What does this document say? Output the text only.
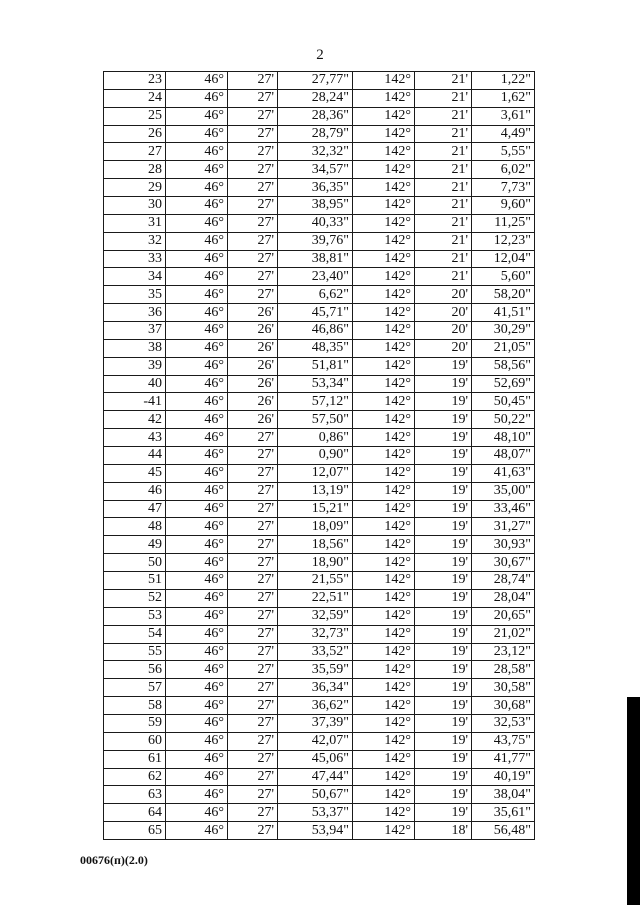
2
23	46°	27'	27,77"	142°	21'	1,22"
24	46°	27'	28,24"	142°	21'	1,62"
25	46°	27'	28,36"	142°	21'	3,61"
26	46°	27'	28,79"	142°	21'	4,49"
27	46°	27'	32,32"	142°	21'	5,55"
28	46°	27'	34,57"	142°	21'	6,02"
29	46°	27'	36,35"	142°	21'	7,73"
30	46°	27'	38,95"	142°	21'	9,60"
31	46°	27'	40,33"	142°	21'	11,25"
32	46°	27'	39,76"	142°	21'	12,23"
33	46°	27'	38,81"	142°	21'	12,04"
34	46°	27'	23,40"	142°	21'	5,60"
35	46°	27'	6,62"	142°	20'	58,20"
36	46°	26'	45,71"	142°	20'	41,51"
37	46°	26'	46,86"	142°	20'	30,29"
38	46°	26'	48,35"	142°	20'	21,05"
39	46°	26'	51,81"	142°	19'	58,56"
40	46°	26'	53,34"	142°	19'	52,69"
-41	46°	26'	57,12"	142°	19'	50,45"
42	46°	26'	57,50"	142°	19'	50,22"
43	46°	27'	0,86"	142°	19'	48,10"
44	46°	27'	0,90"	142°	19'	48,07"
45	46°	27'	12,07"	142°	19'	41,63"
46	46°	27'	13,19"	142°	19'	35,00"
47	46°	27'	15,21"	142°	19'	33,46"
48	46°	27'	18,09"	142°	19'	31,27"
49	46°	27'	18,56"	142°	19'	30,93"
50	46°	27'	18,90"	142°	19'	30,67"
51	46°	27'	21,55"	142°	19'	28,74"
52	46°	27'	22,51"	142°	19'	28,04"
53	46°	27'	32,59"	142°	19'	20,65"
54	46°	27'	32,73"	142°	19'	21,02"
55	46°	27'	33,52"	142°	19'	23,12"
56	46°	27'	35,59"	142°	19'	28,58"
57	46°	27'	36,34"	142°	19'	30,58"
58	46°	27'	36,62"	142°	19'	30,68"
59	46°	27'	37,39"	142°	19'	32,53"
60	46°	27'	42,07"	142°	19'	43,75"
61	46°	27'	45,06"	142°	19'	41,77"
62	46°	27'	47,44"	142°	19'	40,19"
63	46°	27'	50,67"	142°	19'	38,04"
64	46°	27'	53,37"	142°	19'	35,61"
65	46°	27'	53,94"	142°	18'	56,48"
00676(п)(2.0)
